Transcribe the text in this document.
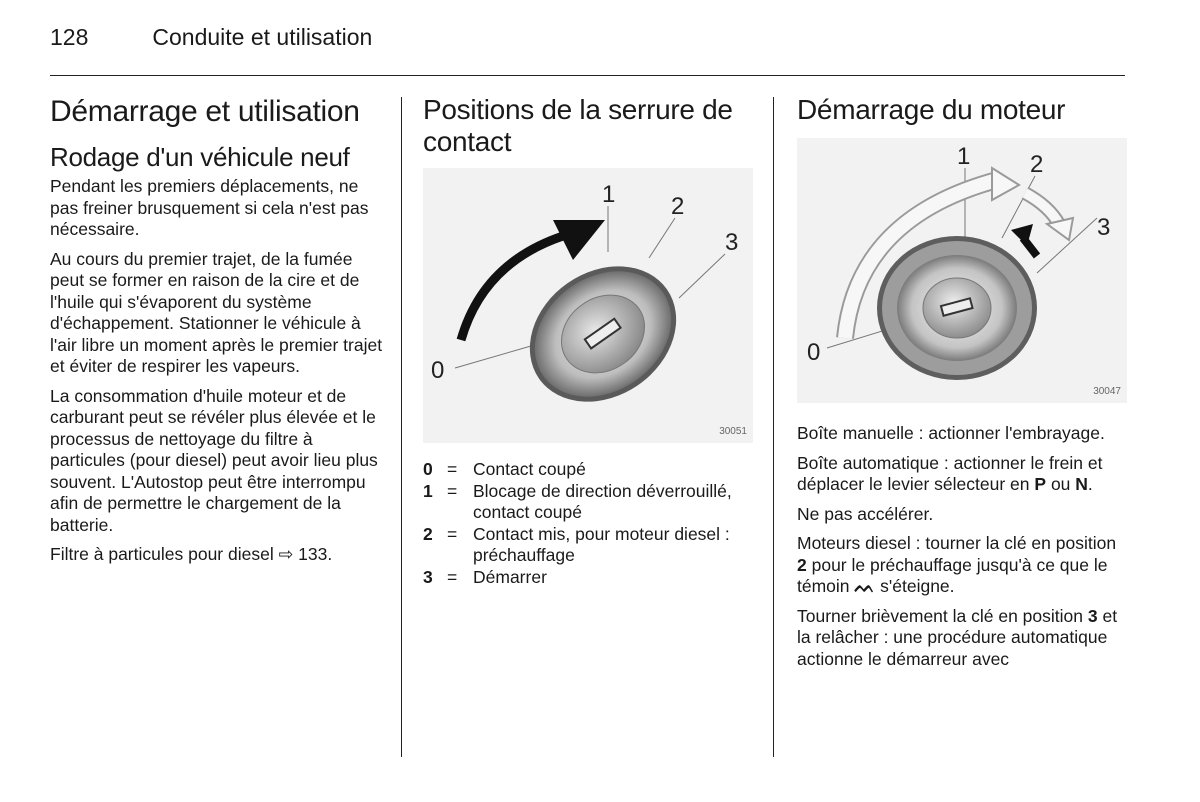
128	Conduite et utilisation
Démarrage et utilisation
Rodage d'un véhicule neuf

Pendant les premiers déplacements, ne pas freiner brusquement si cela n'est pas nécessaire.

Au cours du premier trajet, de la fumée peut se former en raison de la cire et de l'huile qui s'évaporent du système d'échappement. Stationner le véhicule à l'air libre un moment après le premier trajet et éviter de respirer les vapeurs.

La consommation d'huile moteur et de carburant peut se révéler plus élevée et le processus de nettoyage du filtre à particules (pour diesel) peut avoir lieu plus souvent. L'Autostop peut être interrompu afin de permettre le chargement de la batterie.

Filtre à particules pour diesel ⇨ 133.

Positions de la serrure de contact
1 2
3
0
30051
0 = Contact coupé
1 = Blocage de direction déverrouillé, contact coupé
2 = Contact mis, pour moteur diesel : préchauffage
3 = Démarrer
Démarrage du moteur
1 2
3
0
30047

Boîte manuelle : actionner l'embrayage.

Boîte automatique : actionner le frein et déplacer le levier sélecteur en P ou N.

Ne pas accélérer.

Moteurs diesel : tourner la clé en position 2 pour le préchauffage jusqu'à ce que le témoin ᨓ s'éteigne.

Tourner brièvement la clé en position 3 et la relâcher : une procédure automatique actionne le démarreur avec
